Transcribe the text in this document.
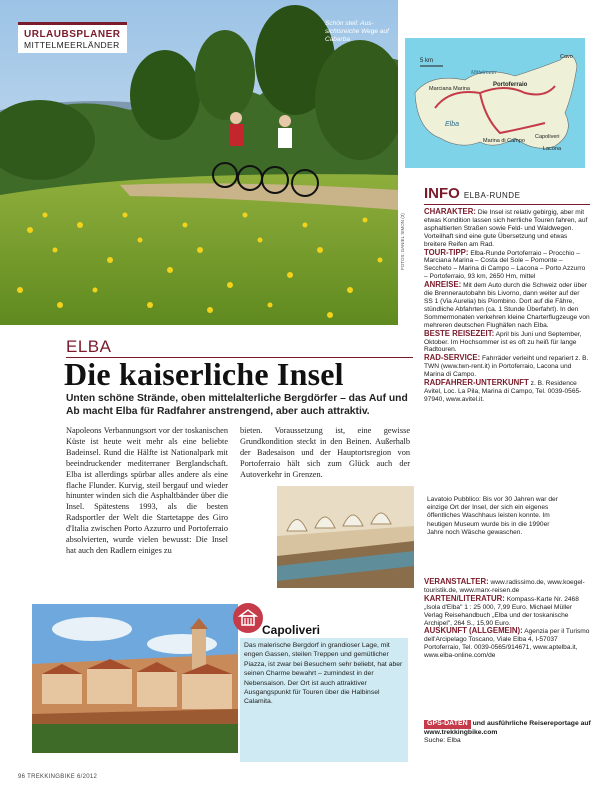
URLAUBSPLANER
MITTELMEERLÄNDER
Schön steil: Aus-sichtsreiche Wege auf Cabarba
FOTOS: DANIEL SIMON (3)
5 km
Mittelmeer
Portoferraio
Cavo
Marciana Marina
Elba
Marina di Campo
Capoliveri
Lacona
INFO ELBA-RUNDE

CHARAKTER: Die Insel ist relativ gebirgig, aber mit etwas Kondition lassen sich herrliche Touren fahren, auf asphaltierten Straßen sowie Feld- und Waldwegen. Vorteilhaft sind eine gute Übersetzung und etwas breitere Reifen am Rad.

TOUR-TIPP: Elba-Runde Portoferraio – Procchio – Marciana Marina – Costa del Sole – Pomonte – Seccheto – Marina di Campo – Lacona – Porto Azzurro – Portoferraio, 93 km, 2650 Hm, mittel

ANREISE: Mit dem Auto durch die Schweiz oder über die Brennerautobahn bis Livorno, dann weiter auf der SS 1 (Via Aurelia) bis Piombino. Dort auf die Fähre, stündliche Abfahrten (ca. 1 Stunde Überfahrt). In den Sommermonaten verkehren kleine Charterflugzeuge von mehreren deutschen Flughäfen nach Elba.

BESTE REISEZEIT: April bis Juni und September, Oktober. Im Hochsommer ist es oft zu heiß für lange Radtouren.

RAD-SERVICE: Fahrräder verleiht und repariert z. B. TWN (www.twn-rent.it) in Portoferraio, Lacona und Marina di Campo.

RADFAHRER-UNTERKUNFT z. B. Residence Avitel, Loc. La Pila, Marina di Campo, Tel. 0039-0565-97940, www.avitel.it.

ELBA
Die kaiserliche Insel
Unten schöne Strände, oben mittelalterliche Bergdörfer – das Auf und Ab macht Elba für Radfahrer anstrengend, aber auch attraktiv.
Napoleons Verbannungsort vor der toskanischen Küste ist heute weit mehr als eine beliebte Badeinsel. Rund die Hälfte ist Nationalpark mit beeindruckender mediterraner Berglandschaft. Elba ist allerdings spürbar alles andere als eine flache Flunder. Kurvig, steil bergauf und wieder hinunter winden sich die Asphaltbänder über die Insel. Spätestens 1993, als die besten Radsportler der Welt die Startetappe des Giro d'Italia zwischen Porto Azzurro und Portoferraio absolvierten, wurde vielen bewusst: Die Insel hat auch den Radlern einiges zu
bieten. Voraussetzung ist, eine gewisse Grundkondition steckt in den Beinen. Außerhalb der Badesaison und der Hauptortsregion von Portoferraio hält sich zum Glück auch der Autoverkehr in Grenzen.
Lavatoio Pubblico: Bis vor 30 Jahren war der einzige Ort der Insel, der sich ein eigenes öffentliches Waschhaus leisten konnte. Im heutigen Museum wurde bis in die 1990er Jahre noch Wäsche gewaschen.

VERANSTALTER: www.radissimo.de, www.koegel-touristik.de, www.marx-reisen.de

KARTEN/LITERATUR: Kompass-Karte Nr. 2468 „Isola d'Elba" 1 : 25 000, 7,99 Euro. Michael Müller Verlag Reisehandbuch „Elba und der toskanische Archipel", 264 S., 15,90 Euro.

AUSKUNFT (ALLGEMEIN): Agenzia per il Turismo dell'Arcipelago Toscano, Viale Elba 4, I-57037 Portoferraio, Tel. 0039-0565/914671, www.aptelba.it, www.elba-online.com/de

GPS-DATEN und ausführliche Reisereportage auf www.trekkingbike.com
Suche: Elba
Capoliveri
Das malerische Bergdorf in grandioser Lage, mit engen Gassen, steilen Treppen und gemütlicher Piazza, ist zwar bei Besuchern sehr beliebt, hat aber seinen Charme bewahrt – zumindest in der Nebensaison. Der Ort ist auch attraktiver Ausgangspunkt für Touren über die Halbinsel Calamita.
96 TREKKINGBIKE 6/2012
